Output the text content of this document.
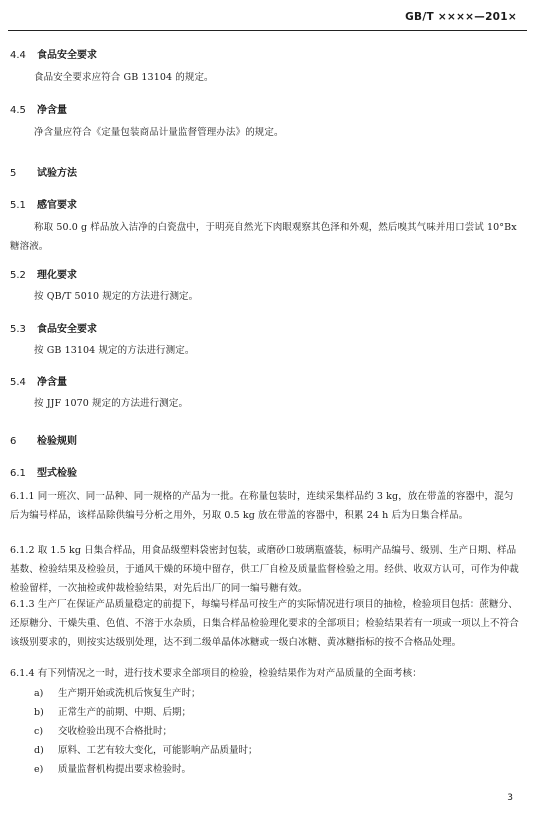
GB/T ××××—201×
4.4 食品安全要求
食品安全要求应符合 GB 13104 的规定。
4.5 净含量
净含量应符合《定量包装商品计量监督管理办法》的规定。
5 试验方法
5.1 感官要求
称取 50.0 g 样品放入洁净的白瓷盘中，于明亮自然光下肉眼观察其色泽和外观，然后嗅其气味并用口尝试 10°Bx 糖溶液。
5.2 理化要求
按 QB/T 5010 规定的方法进行测定。
5.3 食品安全要求
按 GB 13104 规定的方法进行测定。
5.4 净含量
按 JJF 1070 规定的方法进行测定。
6 检验规则
6.1 型式检验
6.1.1 同一班次、同一品种、同一规格的产品为一批。在称量包装时，连续采集样品约 3 kg，放在带盖的容器中，混匀后为编号样品，该样品除供编号分析之用外，另取 0.5 kg 放在带盖的容器中，积累 24 h 后为日集合样品。
6.1.2 取 1.5 kg 日集合样品，用食品级塑料袋密封包装，或磨砂口玻璃瓶盛装，标明产品编号、级别、生产日期、样品基数、检验结果及检验员，于通风干燥的环境中留存，供工厂自检及质量监督检验之用。经供、收双方认可，可作为仲裁检验留样，一次抽检或仲裁检验结果，对先后出厂的同一编号糖有效。
6.1.3 生产厂在保证产品质量稳定的前提下，每编号样品可按生产的实际情况进行项目的抽检，检验项目包括：蔗糖分、还原糖分、干燥失重、色值、不溶于水杂质，日集合样品检验理化要求的全部项目；检验结果若有一项或一项以上不符合该级别要求的，则按实达级别处理，达不到二级单晶体冰糖或一级白冰糖、黄冰糖指标的按不合格品处理。
6.1.4 有下列情况之一时，进行技术要求全部项目的检验，检验结果作为对产品质量的全面考核：
a) 生产期开始或洗机后恢复生产时；
b) 正常生产的前期、中期、后期；
c) 交收检验出现不合格批时；
d) 原料、工艺有较大变化，可能影响产品质量时；
e) 质量监督机构提出要求检验时。
3
